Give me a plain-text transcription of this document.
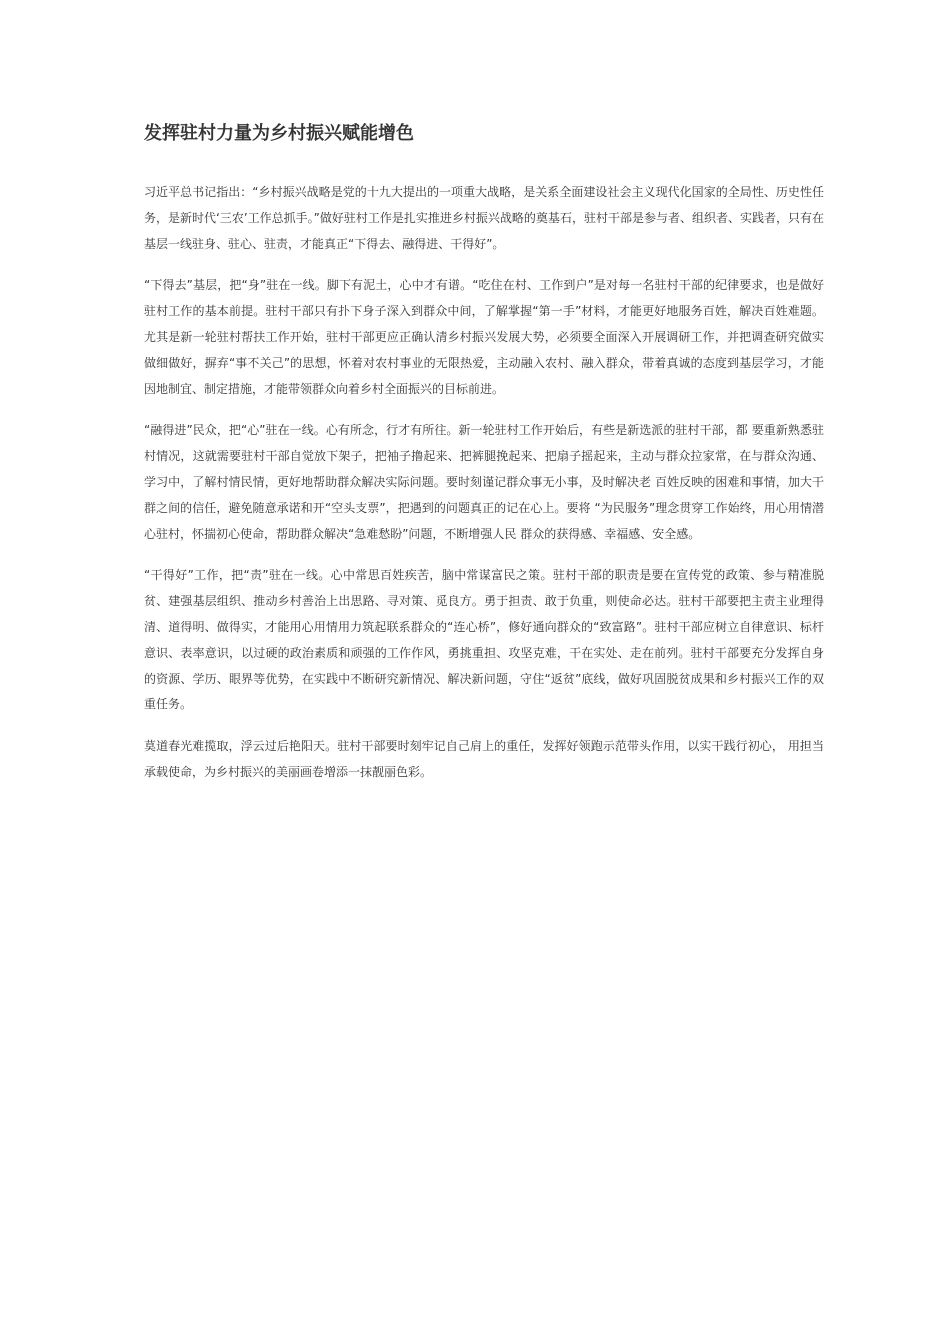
发挥驻村力量为乡村振兴赋能增色

习近平总书记指出：“乡村振兴战略是党的十九大提出的一项重大战略，是关系全面建设社会主义现代化国家的全局性、历史性任务，是新时代‘三农’工作总抓手。”做好驻村工作是扎实推进乡村振兴战略的奠基石，驻村干部是参与者、组织者、实践者，只有在基层一线驻身、驻心、驻责，才能真正“下得去、融得进、干得好”。

“下得去”基层，把“身”驻在一线。脚下有泥土，心中才有谱。“吃住在村、工作到户”是对每一名驻村干部的纪律要求，也是做好驻村工作的基本前提。驻村干部只有扑下身子深入到群众中间，了解掌握“第一手”材料，才能更好地服务百姓，解决百姓难题。尤其是新一轮驻村帮扶工作开始，驻村干部更应正确认清乡村振兴发展大势，必须要全面深入开展调研工作，并把调查研究做实做细做好，摒弃“事不关己”的思想，怀着对农村事业的无限热爱，主动融入农村、融入群众，带着真诚的态度到基层学习，才能因地制宜、制定措施，才能带领群众向着乡村全面振兴的目标前进。

“融得进”民众，把“心”驻在一线。心有所念，行才有所往。新一轮驻村工作开始后，有些是新选派的驻村干部，都 要重新熟悉驻村情况，这就需要驻村干部自觉放下架子，把袖子撸起来、把裤腿挽起来、把扇子摇起来，主动与群众拉家常，在与群众沟通、学习中，了解村情民情，更好地帮助群众解决实际问题。要时刻谨记群众事无小事，及时解决老 百姓反映的困难和事情，加大干群之间的信任，避免随意承诺和开“空头支票”，把遇到的问题真正的记在心上。要将 “为民服务”理念贯穿工作始终，用心用情潜心驻村，怀揣初心使命，帮助群众解决“急难愁盼”问题，不断增强人民 群众的获得感、幸福感、安全感。

“干得好”工作，把“责”驻在一线。心中常思百姓疾苦，脑中常谋富民之策。驻村干部的职责是要在宣传党的政策、参与精准脱贫、建强基层组织、推动乡村善治上出思路、寻对策、觅良方。勇于担责、敢于负重，则使命必达。驻村干部要把主责主业理得清、道得明、做得实，才能用心用情用力筑起联系群众的“连心桥”，修好通向群众的“致富路”。驻村干部应树立自律意识、标杆意识、表率意识，以过硬的政治素质和顽强的工作作风，勇挑重担、攻坚克难，干在实处、走在前列。驻村干部要充分发挥自身的资源、学历、眼界等优势，在实践中不断研究新情况、解决新问题，守住“返贫”底线，做好巩固脱贫成果和乡村振兴工作的双重任务。

莫道春光难揽取，浮云过后艳阳天。驻村干部要时刻牢记自己肩上的重任，发挥好领跑示范带头作用，以实干践行初心， 用担当承载使命，为乡村振兴的美丽画卷增添一抹靓丽色彩。
